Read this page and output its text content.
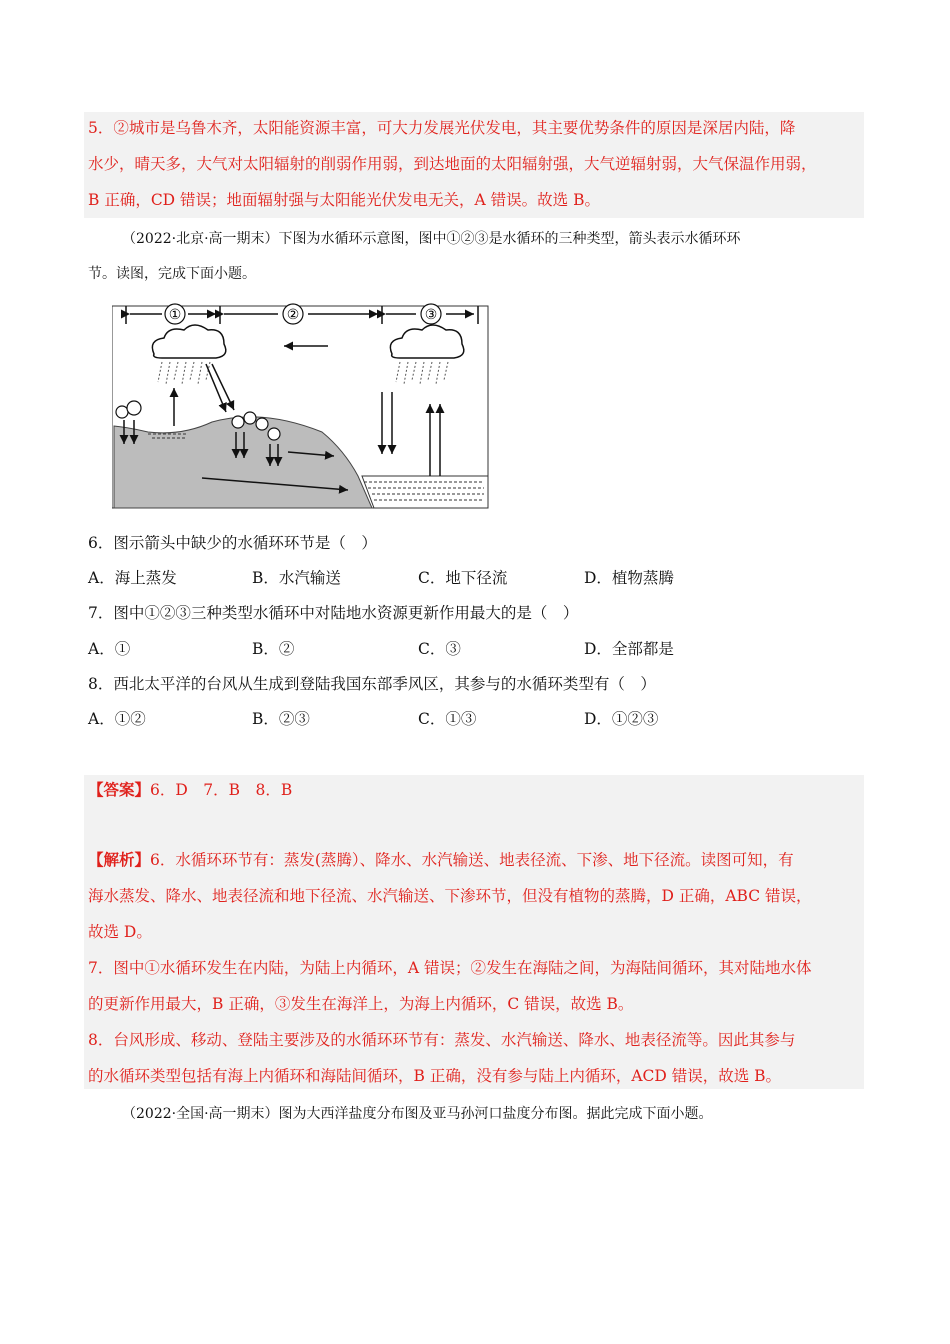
5．②城市是乌鲁木齐，太阳能资源丰富，可大力发展光伏发电，其主要优势条件的原因是深居内陆，降
水少，晴天多，大气对太阳辐射的削弱作用弱，到达地面的太阳辐射强，大气逆辐射弱，大气保温作用弱，
B 正确，CD 错误；地面辐射强与太阳能光伏发电无关，A 错误。故选 B。
（2022·北京·高一期末）下图为水循环示意图，图中①②③是水循环的三种类型，箭头表示水循环环
节。读图，完成下面小题。
①	②	③
6．图示箭头中缺少的水循环环节是（　）
A．海上蒸发	B．水汽输送	C．地下径流	D．植物蒸腾
7．图中①②③三种类型水循环中对陆地水资源更新作用最大的是（　）
A．①	B．②	C．③	D．全部都是
8．西北太平洋的台风从生成到登陆我国东部季风区，其参与的水循环类型有（　）
A．①②	B．②③	C．①③	D．①②③
【答案】6．D　7．B　8．B
【解析】6．水循环环节有：蒸发(蒸腾）、降水、水汽输送、地表径流、下渗、地下径流。读图可知，有
海水蒸发、降水、地表径流和地下径流、水汽输送、下渗环节，但没有植物的蒸腾，D 正确，ABC 错误，
故选 D。
7．图中①水循环发生在内陆，为陆上内循环，A 错误；②发生在海陆之间，为海陆间循环，其对陆地水体
的更新作用最大，B 正确，③发生在海洋上，为海上内循环，C 错误，故选 B。
8．台风形成、移动、登陆主要涉及的水循环环节有：蒸发、水汽输送、降水、地表径流等。因此其参与
的水循环类型包括有海上内循环和海陆间循环，B 正确，没有参与陆上内循环，ACD 错误，故选 B。
（2022·全国·高一期末）图为大西洋盐度分布图及亚马孙河口盐度分布图。据此完成下面小题。
